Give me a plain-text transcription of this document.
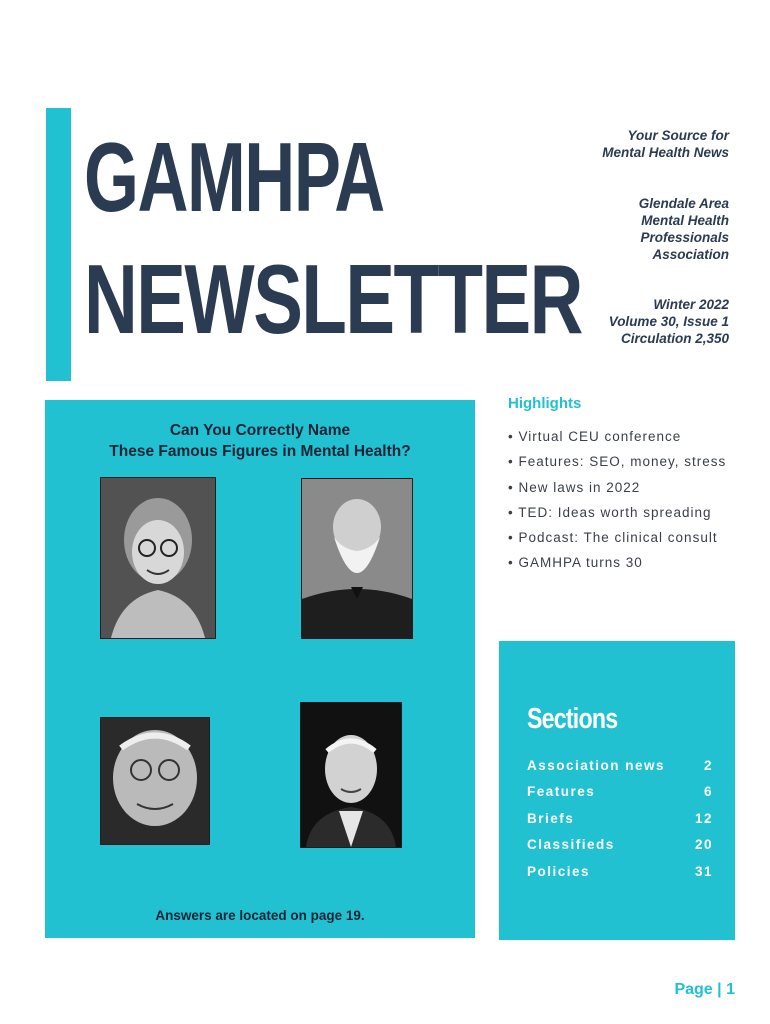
GAMHPA
NEWSLETTER
Your Source for
Mental Health News
Glendale Area
Mental Health
Professionals
Association
Winter 2022
Volume 30, Issue 1
Circulation 2,350
Can You Correctly Name
These Famous Figures in Mental Health?
Answers are located on page 19.
Highlights
• Virtual CEU conference
• Features: SEO, money, stress
• New laws in 2022
• TED: Ideas worth spreading
• Podcast: The clinical consult
• GAMHPA turns 30
Sections
Association news	2
Features	6
Briefs	12
Classifieds	20
Policies	31
Page | 1
